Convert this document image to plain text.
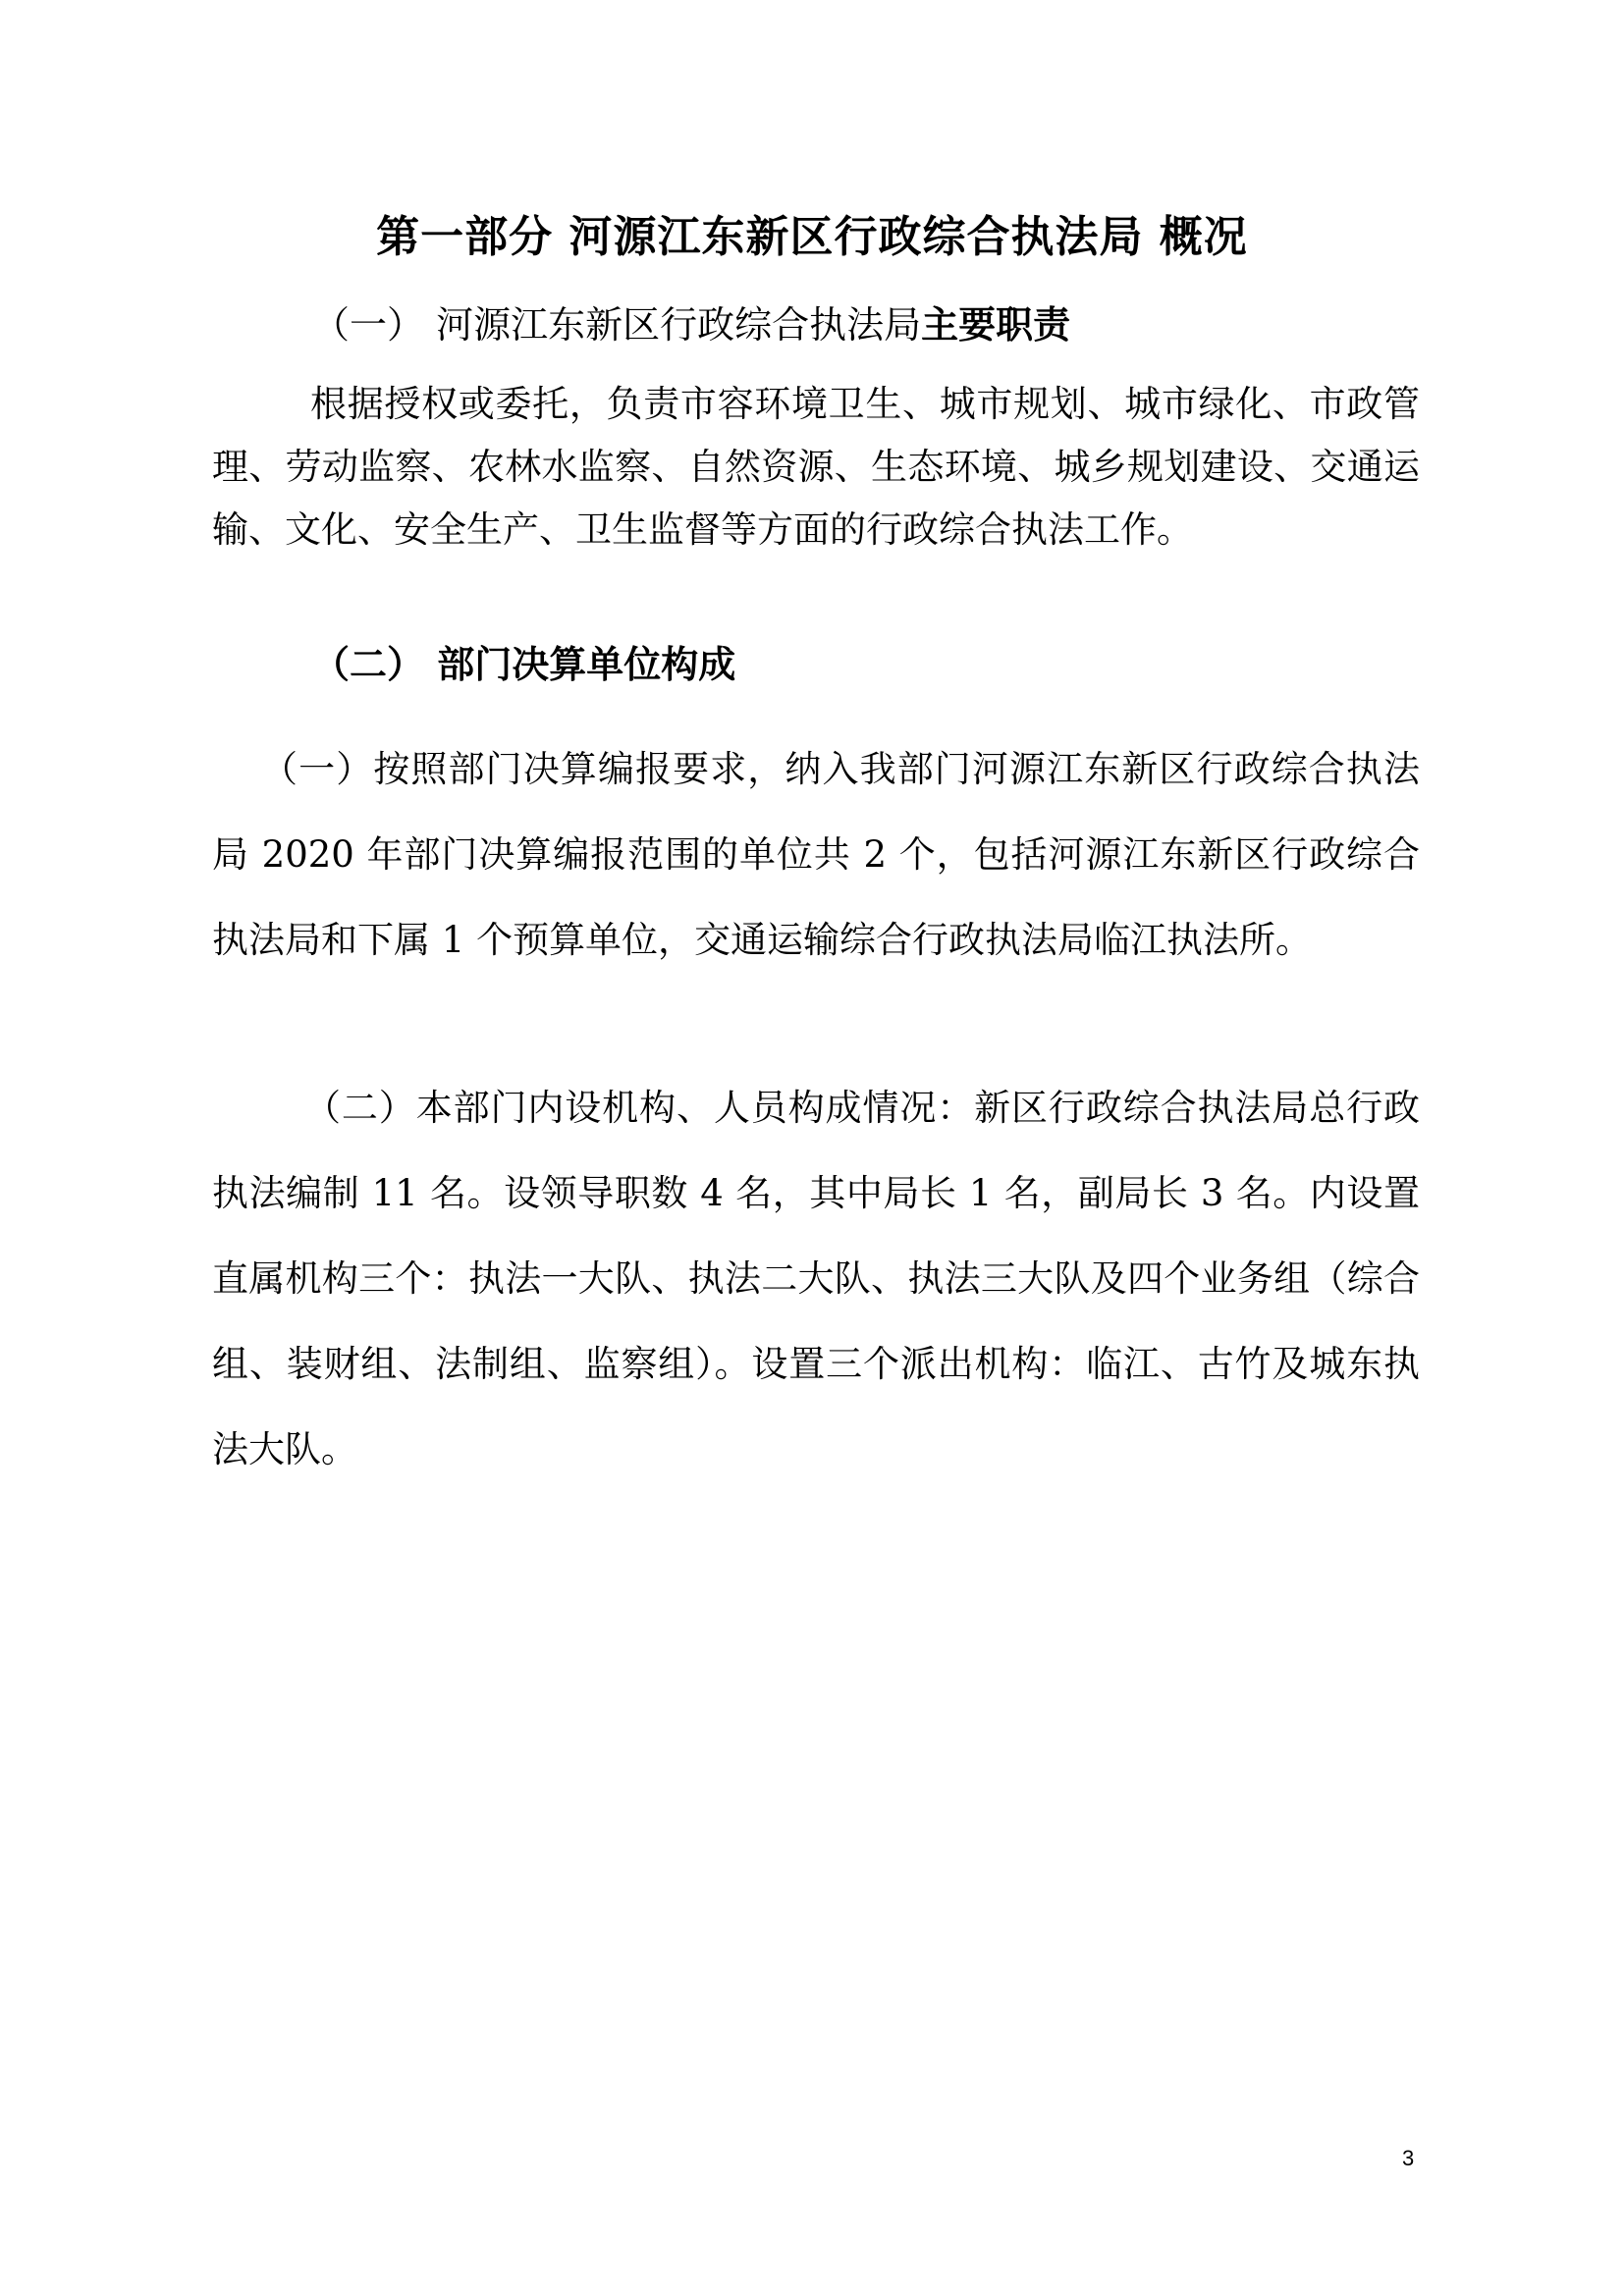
第一部分 河源江东新区行政综合执法局 概况
（一） 河源江东新区行政综合执法局主要职责
根据授权或委托，负责市容环境卫生、城市规划、城市绿化、市政管理、劳动监察、农林水监察、自然资源、生态环境、城乡规划建设、交通运输、文化、安全生产、卫生监督等方面的行政综合执法工作。
（二） 部门决算单位构成
（一）按照部门决算编报要求，纳入我部门河源江东新区行政综合执法局 2020 年部门决算编报范围的单位共 2 个，包括河源江东新区行政综合执法局和下属 1 个预算单位，交通运输综合行政执法局临江执法所。
（二）本部门内设机构、人员构成情况：新区行政综合执法局总行政执法编制 11 名。设领导职数 4 名，其中局长 1 名，副局长 3 名。内设置直属机构三个：执法一大队、执法二大队、执法三大队及四个业务组（综合组、装财组、法制组、监察组）。设置三个派出机构：临江、古竹及城东执法大队。
3
